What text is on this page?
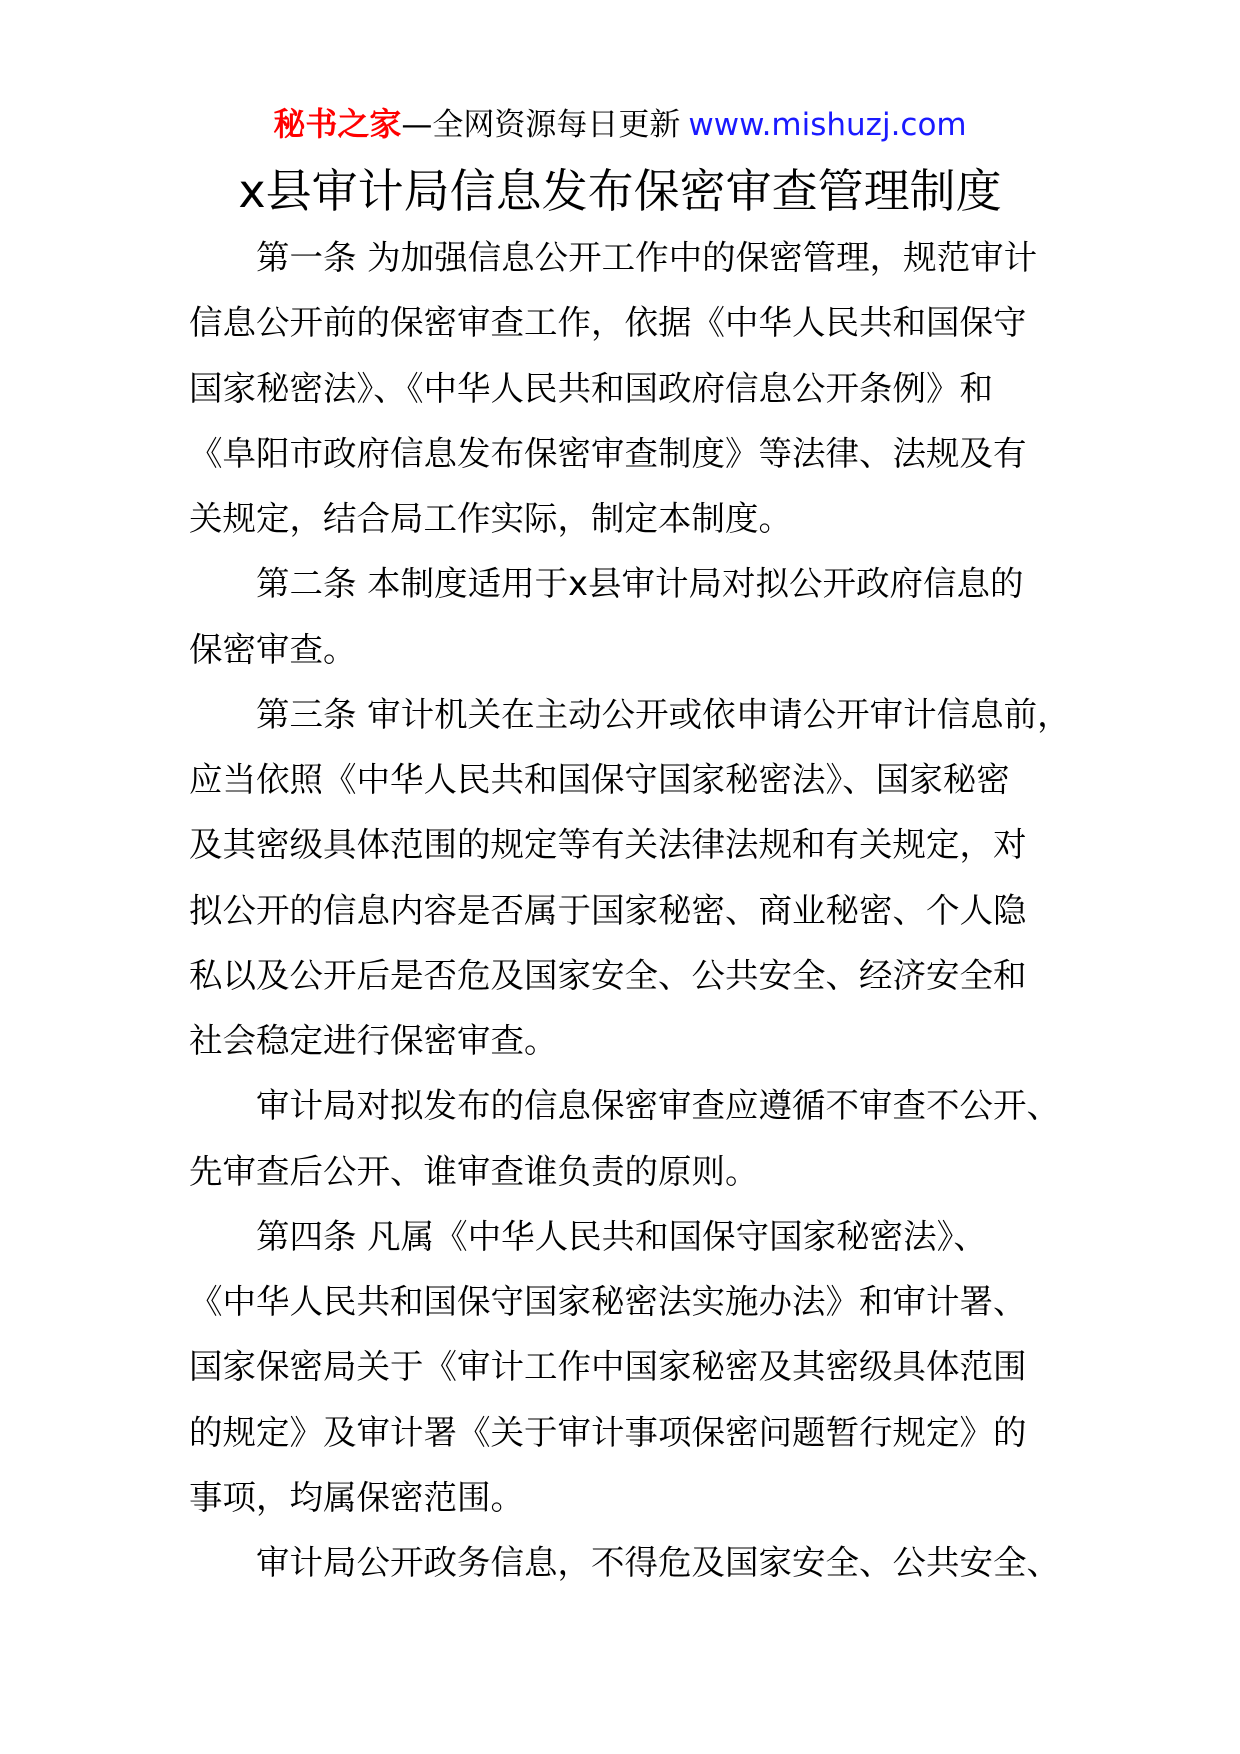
秘书之家—全网资源每日更新 www.mishuzj.com
x县审计局信息发布保密审查管理制度
第一条 为加强信息公开工作中的保密管理，规范审计
信息公开前的保密审查工作，依据《中华人民共和国保守
国家秘密法》、《中华人民共和国政府信息公开条例》和
《阜阳市政府信息发布保密审查制度》等法律、法规及有
关规定，结合局工作实际，制定本制度。
第二条 本制度适用于x县审计局对拟公开政府信息的
保密审查。
第三条 审计机关在主动公开或依申请公开审计信息前，
应当依照《中华人民共和国保守国家秘密法》、国家秘密
及其密级具体范围的规定等有关法律法规和有关规定，对
拟公开的信息内容是否属于国家秘密、商业秘密、个人隐
私以及公开后是否危及国家安全、公共安全、经济安全和
社会稳定进行保密审查。
审计局对拟发布的信息保密审查应遵循不审查不公开、
先审查后公开、谁审查谁负责的原则。
第四条 凡属《中华人民共和国保守国家秘密法》、
《中华人民共和国保守国家秘密法实施办法》和审计署、
国家保密局关于《审计工作中国家秘密及其密级具体范围
的规定》及审计署《关于审计事项保密问题暂行规定》的
事项，均属保密范围。
审计局公开政务信息，不得危及国家安全、公共安全、
